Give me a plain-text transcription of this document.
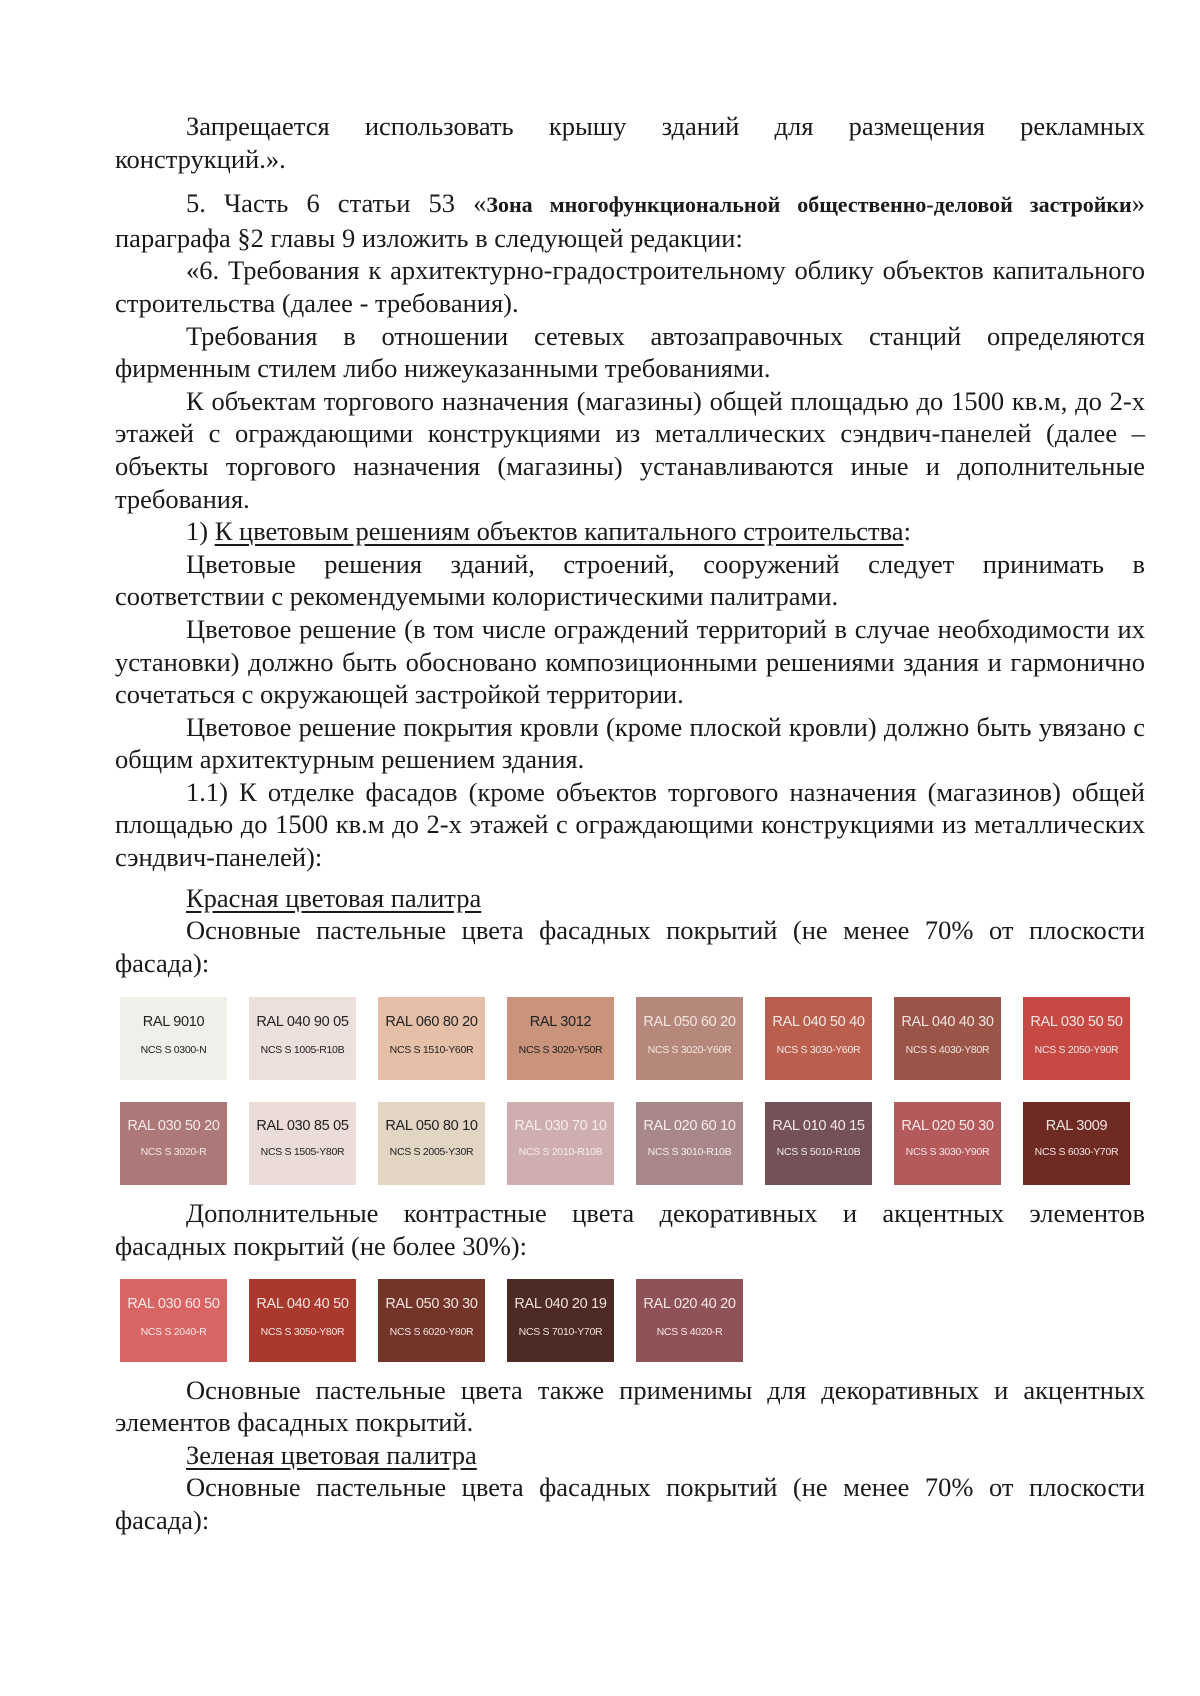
Запрещается использовать крышу зданий для размещения рекламных конструкций.».

5. Часть 6 статьи 53 «Зона многофункциональной общественно-деловой застройки» параграфа §2 главы 9 изложить в следующей редакции:

«6. Требования к архитектурно-градостроительному облику объектов капитального строительства (далее - требования).

Требования в отношении сетевых автозаправочных станций определяются фирменным стилем либо нижеуказанными требованиями.

К объектам торгового назначения (магазины) общей площадью до 1500 кв.м, до 2-х этажей с ограждающими конструкциями из металлических сэндвич-панелей (далее – объекты торгового назначения (магазины) устанавливаются иные и дополнительные требования.

1) К цветовым решениям объектов капитального строительства:

Цветовые решения зданий, строений, сооружений следует принимать в соответствии с рекомендуемыми колористическими палитрами.

Цветовое решение (в том числе ограждений территорий в случае необходимости их установки) должно быть обосновано композиционными решениями здания и гармонично сочетаться с окружающей застройкой территории.

Цветовое решение покрытия кровли (кроме плоской кровли) должно быть увязано с общим архитектурным решением здания.

1.1) К отделке фасадов (кроме объектов торгового назначения (магазинов) общей площадью до 1500 кв.м до 2-х этажей с ограждающими конструкциями из металлических сэндвич-панелей):

Красная цветовая палитра

Основные пастельные цвета фасадных покрытий (не менее 70% от плоскости фасада):

RAL 9010
NCS S 0300-N
RAL 040 90 05
NCS S 1005-R10B
RAL 060 80 20
NCS S 1510-Y60R
RAL 3012
NCS S 3020-Y50R
RAL 050 60 20
NCS S 3020-Y60R
RAL 040 50 40
NCS S 3030-Y60R
RAL 040 40 30
NCS S 4030-Y80R
RAL 030 50 50
NCS S 2050-Y90R
RAL 030 50 20
NCS S 3020-R
RAL 030 85 05
NCS S 1505-Y80R
RAL 050 80 10
NCS S 2005-Y30R
RAL 030 70 10
NCS S 2010-R10B
RAL 020 60 10
NCS S 3010-R10B
RAL 010 40 15
NCS S 5010-R10B
RAL 020 50 30
NCS S 3030-Y90R
RAL 3009
NCS S 6030-Y70R

Дополнительные контрастные цвета декоративных и акцентных элементов фасадных покрытий (не более 30%):

RAL 030 60 50
NCS S 2040-R
RAL 040 40 50
NCS S 3050-Y80R
RAL 050 30 30
NCS S 6020-Y80R
RAL 040 20 19
NCS S 7010-Y70R
RAL 020 40 20
NCS S 4020-R

Основные пастельные цвета также применимы для декоративных и акцентных элементов фасадных покрытий.

Зеленая цветовая палитра

Основные пастельные цвета фасадных покрытий (не менее 70% от плоскости фасада):
